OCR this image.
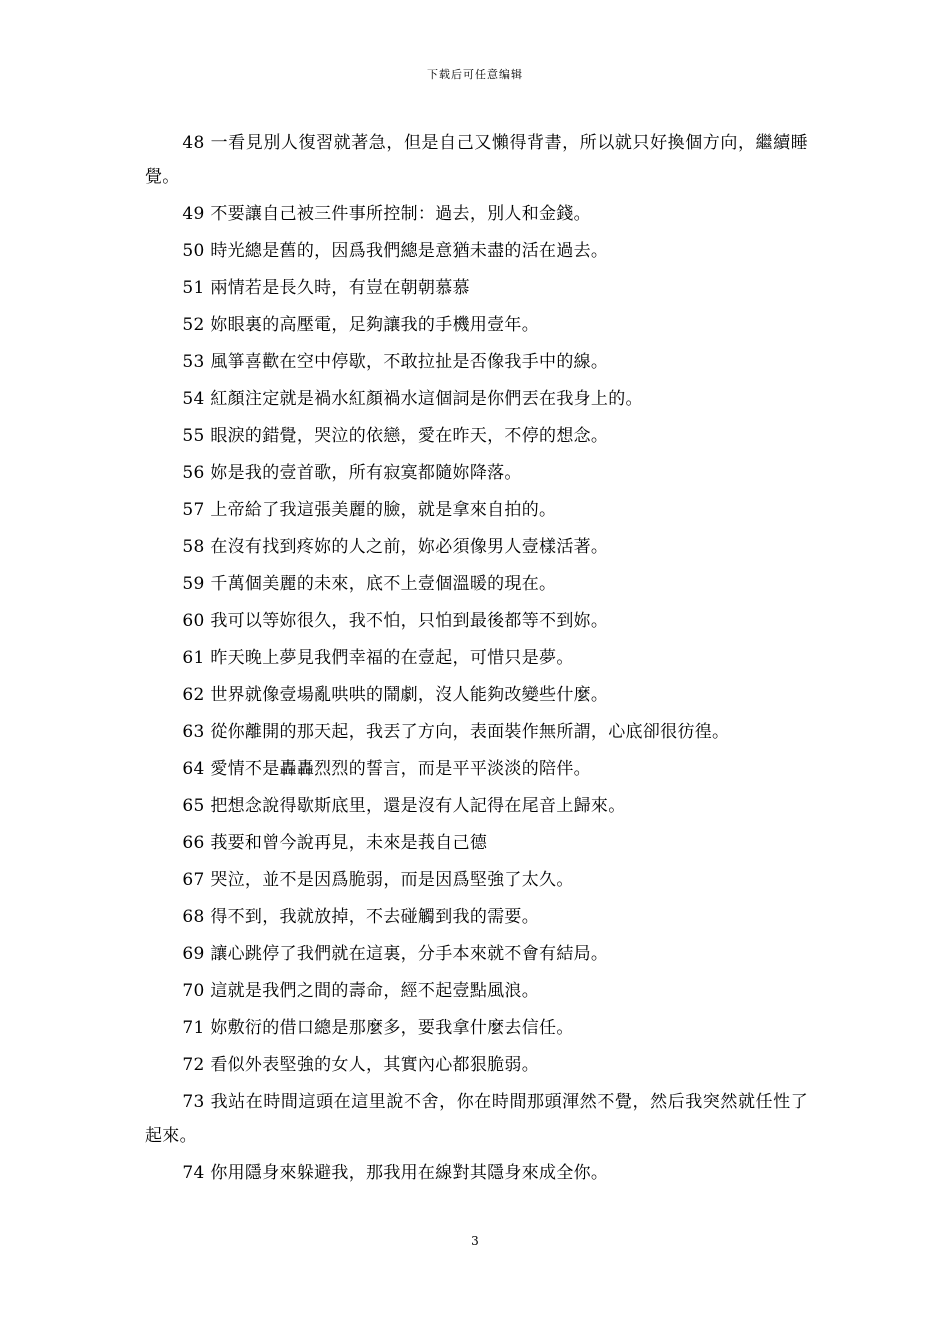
下载后可任意编辑

48 一看見別人復習就著急，但是自己又懶得背書，所以就只好換個方向，繼續睡覺。

49 不要讓自己被三件事所控制：過去，別人和金錢。

50 時光總是舊的，因爲我們總是意猶未盡的活在過去。

51 兩情若是長久時，有豈在朝朝慕慕

52 妳眼裏的高壓電，足夠讓我的手機用壹年。

53 風箏喜歡在空中停歇，不敢拉扯是否像我手中的線。

54 紅顏注定就是禍水紅顏禍水這個詞是你們丟在我身上的。

55 眼淚的錯覺，哭泣的依戀，愛在昨天，不停的想念。

56 妳是我的壹首歌，所有寂寞都隨妳降落。

57 上帝給了我這張美麗的臉，就是拿來自拍的。

58 在沒有找到疼妳的人之前，妳必須像男人壹樣活著。

59 千萬個美麗的未來，底不上壹個溫暖的現在。

60 我可以等妳很久，我不怕，只怕到最後都等不到妳。

61 昨天晚上夢見我們幸福的在壹起，可惜只是夢。

62 世界就像壹場亂哄哄的鬧劇，沒人能夠改變些什麼。

63 從你離開的那天起，我丟了方向，表面裝作無所謂，心底卻很彷徨。

64 愛情不是轟轟烈烈的誓言，而是平平淡淡的陪伴。

65 把想念說得歇斯底里，還是沒有人記得在尾音上歸來。

66 莪要和曾今說再見，未來是莪自己德

67 哭泣，並不是因爲脆弱，而是因爲堅強了太久。

68 得不到，我就放掉，不去碰觸到我的需要。

69 讓心跳停了我們就在這裏，分手本來就不會有結局。

70 這就是我們之間的壽命，經不起壹點風浪。

71 妳敷衍的借口總是那麼多，要我拿什麼去信任。

72 看似外表堅強的女人，其實內心都狠脆弱。

73 我站在時間這頭在這里說不舍，你在時間那頭渾然不覺，然后我突然就任性了起來。

74 你用隱身來躲避我，那我用在線對其隱身來成全你。

3
